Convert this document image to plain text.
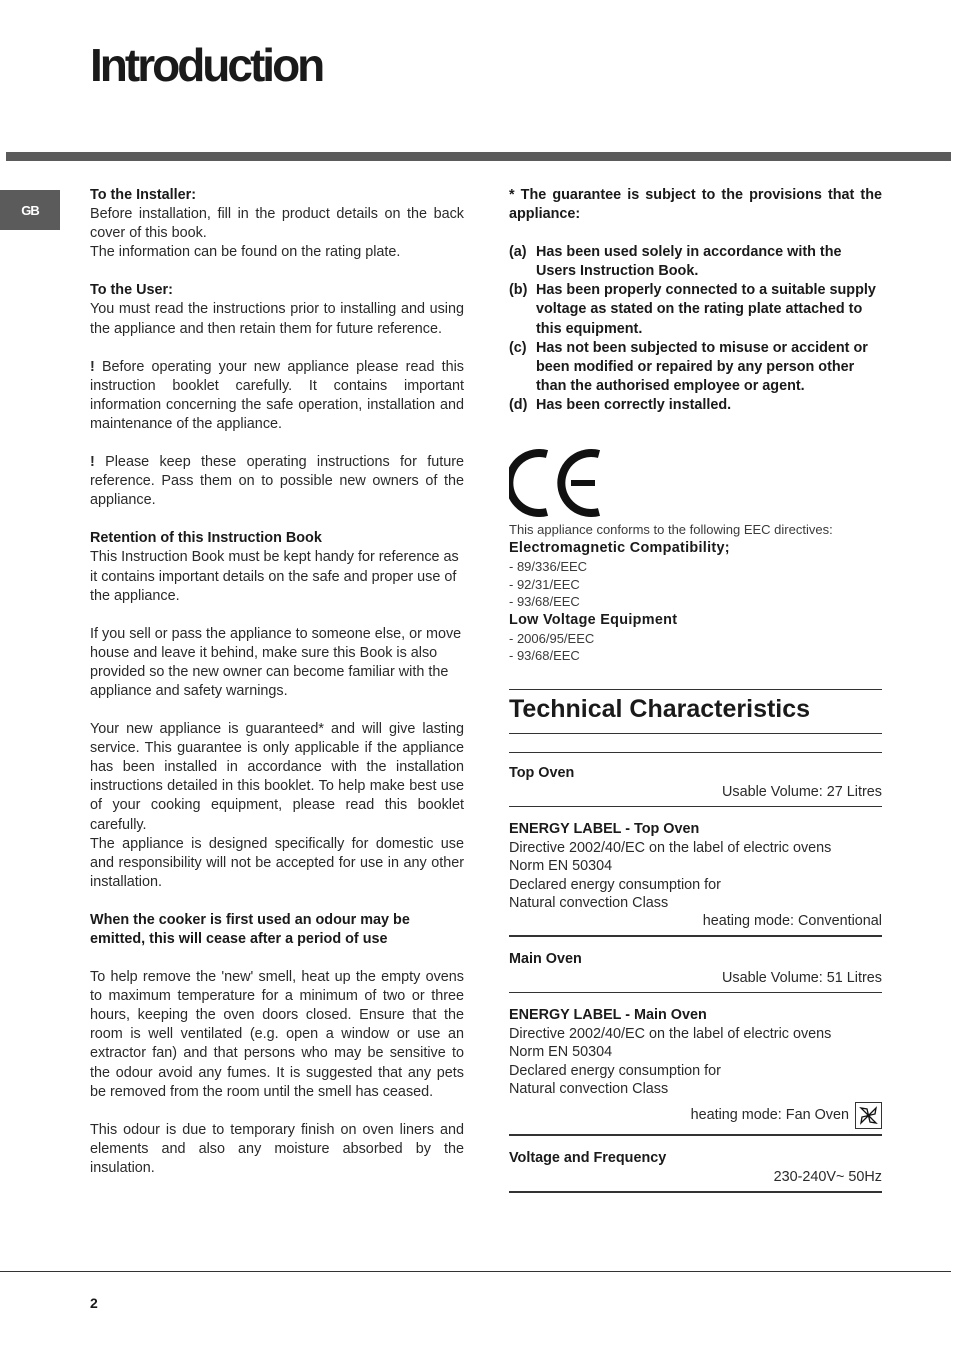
Introduction
GB

To the Installer:

Before installation, fill in the product details on the back cover of this book.

The information can be found on the rating plate.

To the User:

You must read the instructions prior to installing and using the appliance and then retain them for future reference.

! Before operating your new appliance please read this instruction booklet carefully. It contains important information concerning the safe operation, installation and maintenance of the appliance.

! Please keep these operating instructions for future reference. Pass them on to possible new owners of the appliance.

Retention of this Instruction Book

This Instruction Book must be kept handy for reference as it contains important details on the safe and proper use of the appliance.

If you sell or pass the appliance to someone else, or move house and leave it behind, make sure this Book is also provided so the new owner can become familiar with the appliance and safety warnings.

Your new appliance is guaranteed* and will give lasting service. This guarantee is only applicable if the appliance has been installed in accordance with the installation instructions detailed in this booklet. To help make best use of your cooking equipment, please read this booklet carefully.

The appliance is designed specifically for domestic use and responsibility will not be accepted for use in any other installation.

When the cooker is first used an odour may be emitted, this will cease after a period of use

To help remove the 'new' smell, heat up the empty ovens to maximum temperature for a minimum of two or three hours, keeping the oven doors closed. Ensure that the room is well ventilated (e.g. open a window or use an extractor fan) and that persons who may be sensitive to the odour avoid any fumes. It is suggested that any pets be removed from the room until the smell has ceased.

This odour is due to temporary finish on oven liners and elements and also any moisture absorbed by the insulation.

* The guarantee is subject to the provisions that the appliance:

(a) Has been used solely in accordance with the Users Instruction Book.
(b) Has been properly connected to a suitable supply voltage as stated on the rating plate attached to this equipment.
(c) Has not been subjected to misuse or accident or been modified or repaired by any person other than the authorised employee or agent.
(d) Has been correctly installed.

This appliance conforms to the following EEC directives:

Electromagnetic Compatibility;

- 89/336/EEC
- 92/31/EEC
- 93/68/EEC

Low Voltage Equipment

- 2006/95/EEC
- 93/68/EEC
Technical Characteristics

Top Oven

Usable Volume: 27 Litres

ENERGY LABEL - Top Oven

Directive 2002/40/EC on the label of electric ovens

Norm EN 50304

Declared energy consumption for

Natural convection Class

heating mode: Conventional

Main Oven

Usable Volume: 51 Litres

ENERGY LABEL - Main Oven

Directive 2002/40/EC on the label of electric ovens

Norm EN 50304

Declared energy consumption for

Natural convection Class

heating mode: Fan Oven

Voltage and Frequency

230-240V~ 50Hz

2
